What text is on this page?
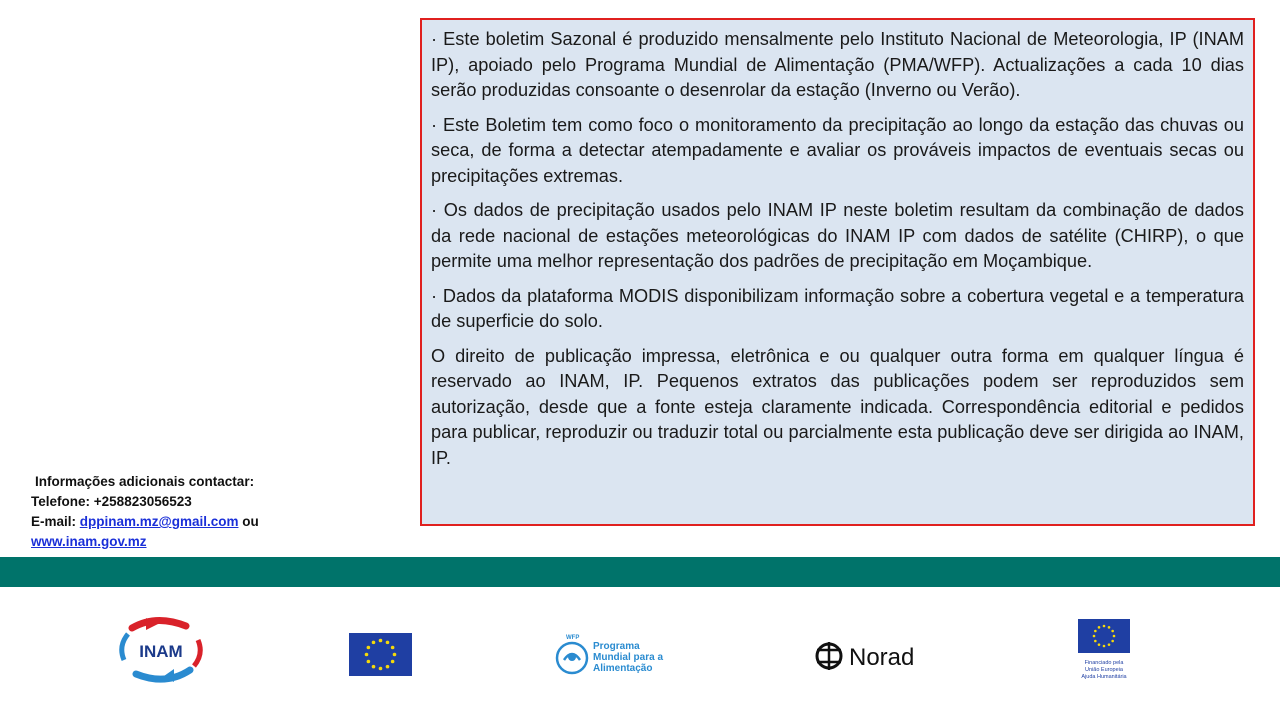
· Este boletim Sazonal é produzido mensalmente pelo Instituto Nacional de Meteorologia, IP (INAM IP), apoiado pelo Programa Mundial de Alimentação (PMA/WFP). Actualizações a cada 10 dias serão produzidas consoante o desenrolar da estação (Inverno ou Verão).

· Este Boletim tem como foco o monitoramento da precipitação ao longo da estação das chuvas ou seca, de forma a detectar atempadamente e avaliar os prováveis impactos de eventuais secas ou precipitações extremas.

· Os dados de precipitação usados pelo INAM IP neste boletim resultam da combinação de dados da rede nacional de estações meteorológicas do INAM IP com dados de satélite (CHIRP), o que permite uma melhor representação dos padrões de precipitação em Moçambique.

· Dados da plataforma MODIS disponibilizam informação sobre a cobertura vegetal e a temperatura de superficie do solo.

O direito de publicação impressa, eletrônica e ou qualquer outra forma em qualquer língua é reservado ao INAM, IP. Pequenos extratos das publicações podem ser reproduzidos sem autorização, desde que a fonte esteja claramente indicada. Correspondência editorial e pedidos para publicar, reproduzir ou traduzir total ou parcialmente esta publicação deve ser dirigida ao INAM, IP.

Informações adicionais contactar:
Telefone: +258823056523
E-mail: dppinam.mz@gmail.com ou
www.inam.gov.mz
INAM
WFP
Programa
Mundial para a
Alimentação	Norad	Financiado pela
União Europeia
Ajuda Humanitária
